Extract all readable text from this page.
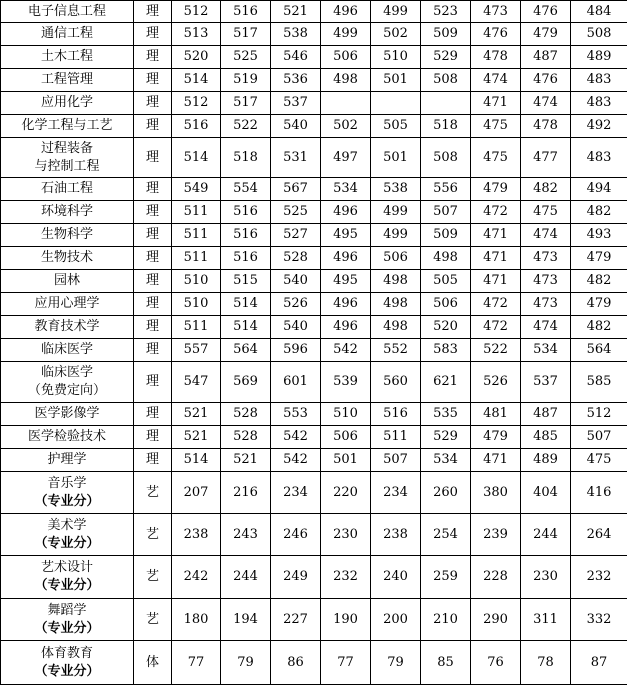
电子信息工程	理	512	516	521	496	499	523	473	476	484

通信工程	理	513	517	538	499	502	509	476	479	508

土木工程	理	520	525	546	506	510	529	478	487	489

工程管理	理	514	519	536	498	501	508	474	476	483

应用化学	理	512	517	537				471	474	483

化学工程与工艺	理	516	522	540	502	505	518	475	478	492

过程装备
与控制工程	理	514	518	531	497	501	508	475	477	483

石油工程	理	549	554	567	534	538	556	479	482	494

环境科学	理	511	516	525	496	499	507	472	475	482

生物科学	理	511	516	527	495	499	509	471	474	493

生物技术	理	511	516	528	496	506	498	471	473	479

园林	理	510	515	540	495	498	505	471	473	482

应用心理学	理	510	514	526	496	498	506	472	473	479

教育技术学	理	511	514	540	496	498	520	472	474	482

临床医学	理	557	564	596	542	552	583	522	534	564

临床医学
（免费定向）	理	547	569	601	539	560	621	526	537	585

医学影像学	理	521	528	553	510	516	535	481	487	512

医学检验技术	理	521	528	542	506	511	529	479	485	507

护理学	理	514	521	542	501	507	534	471	489	475

音乐学
（专业分）	艺	207	216	234	220	234	260	380	404	416

美术学
（专业分）	艺	238	243	246	230	238	254	239	244	264

艺术设计
（专业分）	艺	242	244	249	232	240	259	228	230	232

舞蹈学
（专业分）	艺	180	194	227	190	200	210	290	311	332

体育教育
（专业分）	体	77	79	86	77	79	85	76	78	87
